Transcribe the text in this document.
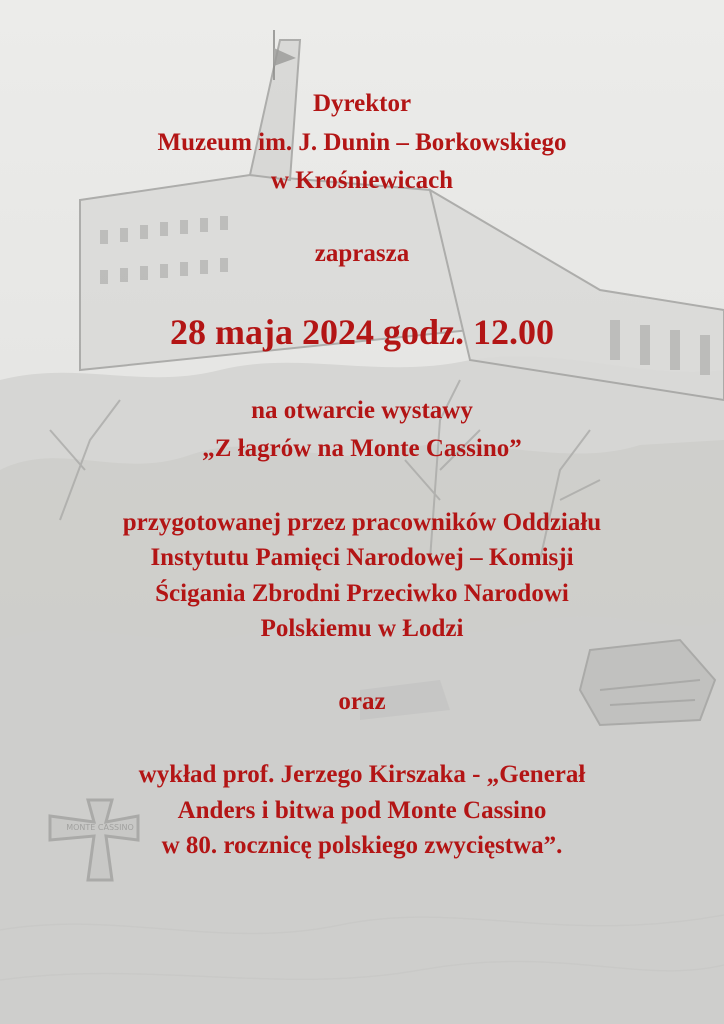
MONTE CASSINO
Dyrektor
Muzeum im. J. Dunin – Borkowskiego
w Krośniewicach
zaprasza
28 maja 2024 godz. 12.00
na otwarcie wystawy
„Z łagrów na Monte Cassino”
przygotowanej przez pracowników Oddziału
Instytutu Pamięci Narodowej – Komisji
Ścigania Zbrodni Przeciwko Narodowi
Polskiemu w Łodzi
oraz
wykład prof. Jerzego Kirszaka - „Generał
Anders i bitwa pod Monte Cassino
w 80. rocznicę polskiego zwycięstwa”.
